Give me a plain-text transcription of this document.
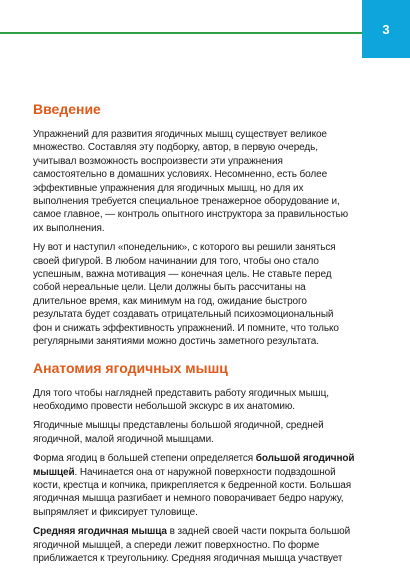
3
Введение

Упражнений для развития ягодичных мышц существует великое множество. Составляя эту подборку, автор, в первую очередь, учитывал возможность воспроизвести эти упражнения самостоятельно в домашних условиях. Несомненно, есть более эффективные упражнения для ягодичных мышц, но для их выполнения требуется специальное тренажерное оборудование и, самое главное, — контроль опытного инструктора за правильностью их выполнения.

Ну вот и наступил «понедельник», с которого вы решили заняться своей фигурой. В любом начинании для того, чтобы оно стало успешным, важна мотивация — конечная цель. Не ставьте перед собой нереальные цели. Цели должны быть рассчитаны на длительное время, как минимум на год, ожидание быстрого результата будет создавать отрицательный психоэмоциональный фон и снижать эффективность упражнений. И помните, что только регулярными занятиями можно достичь заметного результата.

Анатомия ягодичных мышц

Для того чтобы наглядней представить работу ягодичных мышц, необходимо провести небольшой экскурс в их анатомию.

Ягодичные мышцы представлены большой ягодичной, средней ягодичной, малой ягодичной мышцами.

Форма ягодиц в большей степени определяется большой ягодичной мышцей. Начинается она от наружной поверхности подвздошной кости, крестца и копчика, прикрепляется к бедренной кости. Большая ягодичная мышца разгибает и немного поворачивает бедро наружу, выпрямляет и фиксирует туловище.

Средняя ягодичная мышца в задней своей части покрыта большой ягодичной мышцей, а спереди лежит поверхностно. По форме приближается к треугольнику. Средняя ягодичная мышца участвует
